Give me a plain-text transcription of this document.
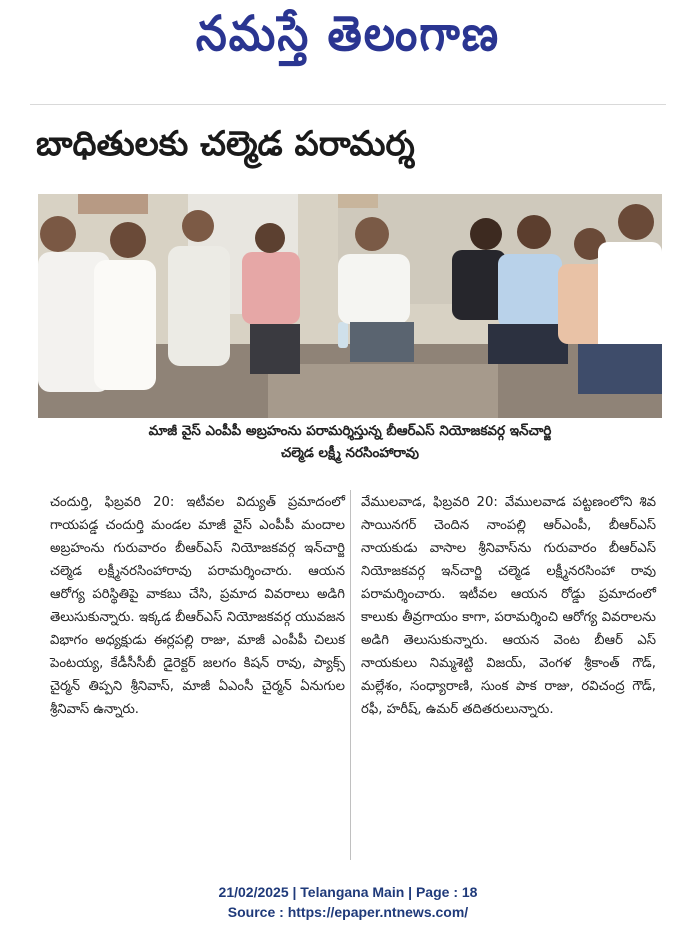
నమస్తే తెలంగాణ
బాధితులకు చల్మెడ పరామర్శ
మాజీ వైస్ ఎంపీపీ అబ్రహంను పరామర్శిస్తున్న బీఆర్ఎస్ నియోజకవర్గ ఇన్‌చార్జి
చల్మెడ లక్ష్మీ నరసింహారావు
చందుర్తి, ఫిబ్రవరి 20: ఇటీవల విద్యుత్ ప్రమాదంలో గాయపడ్డ చందుర్తి మండల మాజీ వైస్ ఎంపీపీ మందాల అబ్రహంను గురువారం బీఆర్ఎస్ నియోజకవర్గ ఇన్‌చార్జి చల్మెడ లక్ష్మీనరసింహారావు పరామర్శించారు. ఆయన ఆరోగ్య పరిస్థితిపై వాకబు చేసి, ప్రమాద వివరాలు అడిగి తెలుసుకున్నారు. ఇక్కడ బీఆర్ఎస్ నియోజకవర్గ యువజన విభాగం అధ్యక్షుడు ఈర్లపల్లి రాజు, మాజీ ఎంపీపీ చిలుక పెంటయ్య, కేడీసీసీబీ డైరెక్టర్ జలగం కిషన్ రావు, ప్యాక్స్ చైర్మన్ తిప్పని శ్రీనివాస్, మాజీ ఏఎంసీ చైర్మన్ ఏనుగుల శ్రీనివాస్ ఉన్నారు.
వేములవాడ, ఫిబ్రవరి 20: వేములవాడ పట్టణంలోని శివ సాయినగర్ చెందిన నాంపల్లి ఆర్ఎంపీ, బీఆర్ఎస్ నాయకుడు వాసాల శ్రీనివాస్‌ను గురువారం బీఆర్ఎస్ నియోజకవర్గ ఇన్‌చార్జి చల్మెడ లక్ష్మీనరసింహా రావు పరామర్శించారు. ఇటీవల ఆయన రోడ్డు ప్రమాదంలో కాలుకు తీవ్రగాయం కాగా, పరామర్శించి ఆరోగ్య వివరాలను అడిగి తెలుసుకున్నారు. ఆయన వెంట బీఆర్ ఎస్ నాయకులు నిమ్మశెట్టి విజయ్, వెంగళ శ్రీకాంత్ గౌడ్, మల్లేశం, సంధ్యారాణి, సుంక పాక రాజు, రవిచంద్ర గౌడ్, రఫీ, హరీష్, ఉమర్ తదితరులున్నారు.
21/02/2025 | Telangana Main | Page : 18
Source : https://epaper.ntnews.com/
